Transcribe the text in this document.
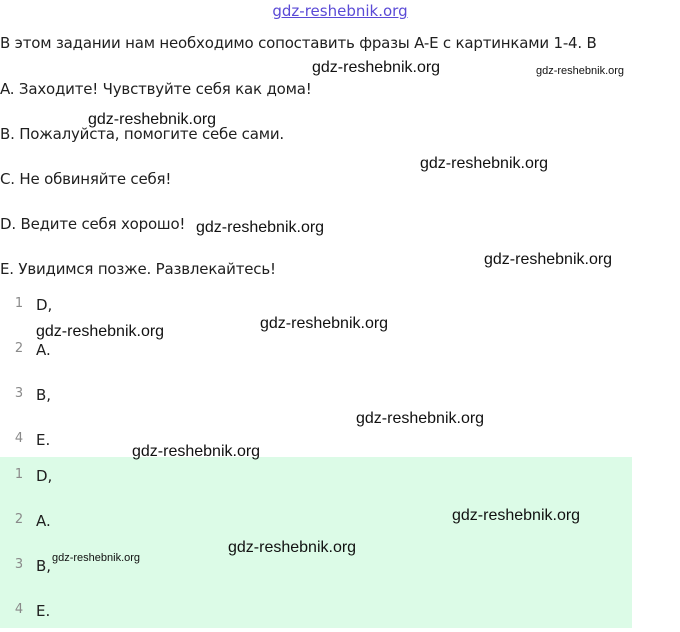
gdz-reshebnik.org
В этом задании нам необходимо сопоставить фразы A-E с картинками 1-4. В
A. Заходите! Чувствуйте себя как дома!
B. Пожалуйста, помогите себе сами.
C. Не обвиняйте себя!
D. Ведите себя хорошо!
E. Увидимся позже. Развлекайтесь!
1 D,
2 A.
3 B,
4 E.
1 D,
2 A.
3 B,
4 E.
gdz-reshebnik.org	gdz-reshebnik.org
gdz-reshebnik.org
gdz-reshebnik.org
gdz-reshebnik.org
gdz-reshebnik.org
gdz-reshebnik.org
gdz-reshebnik.org
gdz-reshebnik.org
gdz-reshebnik.org
gdz-reshebnik.org
gdz-reshebnik.org
gdz-reshebnik.org
